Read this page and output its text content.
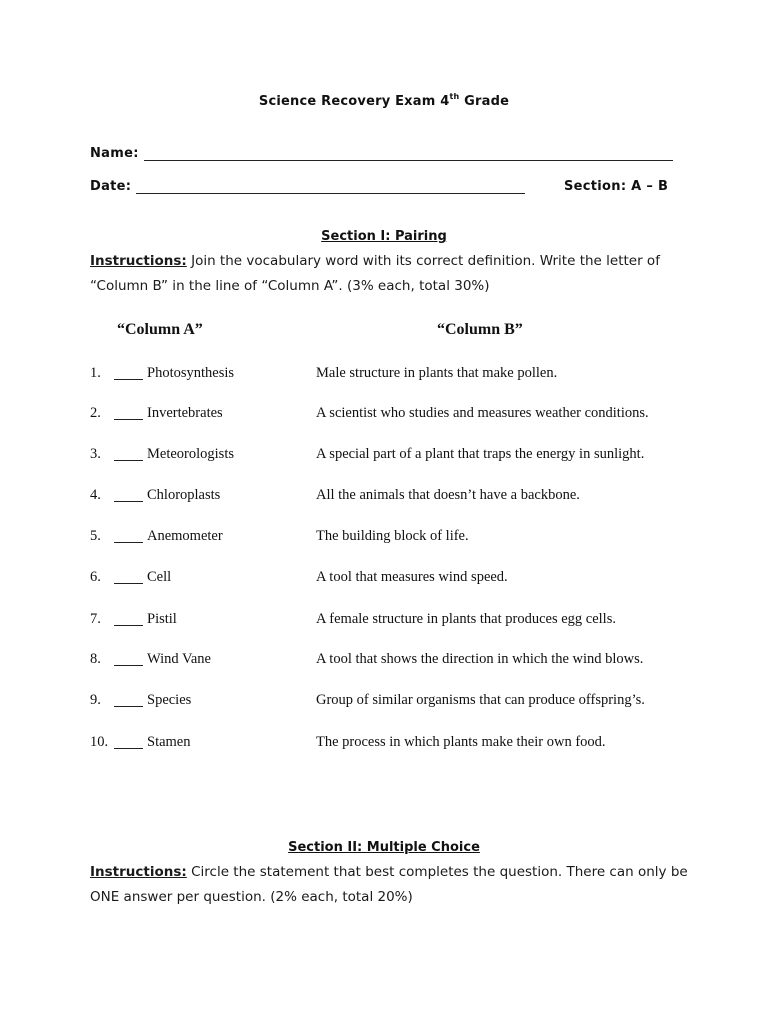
Science Recovery Exam 4th Grade
Name:
Date:	Section: A – B
Section I: Pairing
Instructions: Join the vocabulary word with its correct definition. Write the letter of “Column B” in the line of “Column A”. (3% each, total 30%)
“Column A”	“Column B”
1.	Photosynthesis	Male structure in plants that make pollen.
2.	Invertebrates	A scientist who studies and measures weather conditions.
3.	Meteorologists	A special part of a plant that traps the energy in sunlight.
4.	Chloroplasts	All the animals that doesn’t have a backbone.
5.	Anemometer	The building block of life.
6.	Cell	A tool that measures wind speed.
7.	Pistil	A female structure in plants that produces egg cells.
8.	Wind Vane	A tool that shows the direction in which the wind blows.
9.	Species	Group of similar organisms that can produce offspring’s.
10.	Stamen	The process in which plants make their own food.
Section II: Multiple Choice
Instructions: Circle the statement that best completes the question. There can only be ONE answer per question. (2% each, total 20%)
